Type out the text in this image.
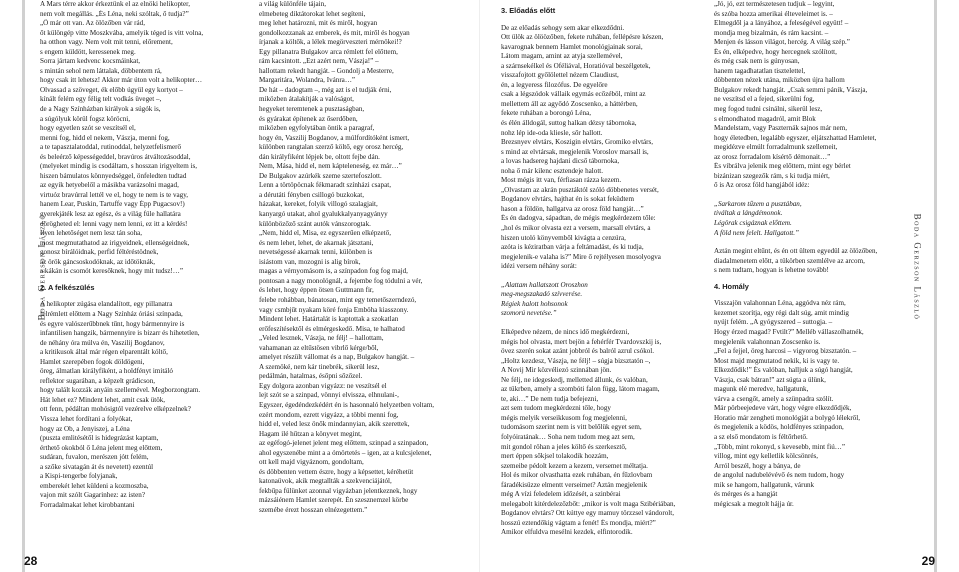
Boda Gerzson László	Boda Gerzson László
A Mars térre akkor érkeztünk el az elnöki helikopter,
nem volt megállás. „És Léna, neki szóltak, ő tudja?”
„Ő már ott van. Az ölözőben vár rád,
őt különgép vitte Moszkvába, amelyik téged is vitt volna,
ha otthon vagy. Nem volt mit tenni, előrement,
s engem küldött, keressenek meg.
Sorra jártam kedvenc kocsmáinkat,
s mintán sehol nem láttalak, döbbentem rá,
hogy csak itt lehetsz! Akkor már úton volt a helikopter…
Olvassad a szöveget, ék előbb úgyül egy kortyot –
kínált felém egy félig telt vodkás üveget –,
de a Nagy Színházban királyok a súgók is,
a súgólyuk körül fogsz köröcni,
hogy egyetlen szót se veszítsél el,
menni fog, hidd el nekem, Vászja, menni fog,
a te tapasztalatoddal, rutinoddal, helyzetfelismerő
és beleérző képességeddel, bravúros átváltozásoddal,
(melyeket mindig is csodáltam, s hosszan irigyeltem is,
hiszen bámulatos könnyedséggel, önfeledten tudtad
az egyik hetyebelől a másikba varázsolni magad,
virtuóz bravúrral lettél ve el, hogy te nem is te vagy,
hanem Lear, Puskin, Tartuffe vagy Épp Pugacsov!)
gyerekjáték lesz az egész, és a világ füle hallatára
dörögheted el: lenni vagy nem lenni, ez itt a kérdés!
Ilyen lehetőséget nem lesz tán soha,
most megmutathatod az irigyeidnek, ellenségeidnek,
gonosz bírálóidnak, perfid féltéréstödnek,
az örök gáncsoskodóknak, az időtöknák,
a kákán is csomót keresőknek, hogy mit tudsz!…”
2. A felkészülés
A helikopter zúgása elandalított, egy pillanatra
felrémlett előttem a Nagy Színház óriási színpada,
és egyre valószerűbbnek tűnt, hogy bármennyire is
infantilisen hangzik, bármennyire is bizarr és hihetetlen,
de néhány óra múlva én, Vaszilij Bogdanov,
a kritikusok által már régen elparentált kóltő,
Hamlet szerepében fogok döldögeni,
öreg, álmatlan királyfiként, a holdfényt imitáló
reflektor sugarában, a képzelt grádicson,
hogy talált kozzák anyáin szellemével. Megborzongtam.
Hát lehet ez? Mindent lehet, amit csak ütök,
ott fenn, pédáltan mohósigtól vezérelve elképzelnek?
Vissza lehet fordítani a folyókat,
hogy az Ob, a Jenyiszej, a Léna
(puszta emlitésétől is hidegrázást kaptam,
érthető okokból ő Léna jelent meg előttem,
sudáran, fuvalon, merészen jótt felém,
a szőke sivatagán át és nevetett) ezentúl
a Kispi-tengerbe folyjanak,
emberekét lehet küldeni a kozmoszba,
vajon mit szólt Gagarinhez: az isten?
Forradalmakat lehet kirobbantani
a világ különféle tájain,
elmebeteg diktátorokat lehet segíteni,
meg lehet határozni, mit és miről, hogyan
gondolkozzanak az emberek, és mit, miről és hogyan
írjanak a költők, a lélek megörveszteri mérnökei!?
Egy pillanatra Bulgakov arca rémlett fel előttem,
rám kacsintott. „Ezt azért nem, Vászja!” –
hallottam rekedt hangját. – Gondolj a Mesterre,
Margaritára, Wolandra, Ivánra…”
De hát – dadogtam –, még azt is el tudják érni,
miközben átalakítják a valóságot,
hegyeket teremtenek a pusztaságban,
és gyárakat építenek az őserdőben,
miközben egyfolytában öntik a paragraf,
hogy én, Vaszilij Bogdanov, a múlfordítóként ismert,
különben rangtalan szerző költő, egy orosz hercég,
dán királyfiként lépjek be, oltott fejbe dán.
Nem, Mása, hidd el, nem kápteleneség, ez már…”
De Bulgakov azúrkék szeme szertefoszlott.
Lenn a törtöpöcnak fékmaradt színházi csapat,
a dérutáti fényben csillogó buzkokat,
házakat, kereket, folyik villogó szalagjait,
kanyargó utakat, ahol gyalukkalyanyagyányy
különbözőző szánt autók vánszorogtak.
„Nem, hidd el, Misa, ez egyszerűen elképzető,
és nem lehet, lehet, de akarnak játsztani,
nevetségessé akarnak tenni, különben is
isiástom van, mozogni is alig bírok,
magas a vérnyomásom is, a színpadon fog fog majd,
pontosan a nagy monológnál, a fejembe fog tódulni a vér,
és lehet, hogy éppen ötsen Guttmann fir,
felebe rohábban, bánatosan, mint egy temetőszerndezó,
vagy csmbjűt nyakam köré fonja Emböha kiasszony.
Mindent lehet. Határtalát is kaptottak a szokatlan
erőfeszítésektől és elmérgeskedő. Misa, te halhatod
„Veled lesznek, Vászja, ne félj! – hallottam,
vahamanan az eltűstösen vibrlő kérge/ből,
amelyet részült vállomat és a nap, Bulgakov hangját. –
A szemöké, nem kár tinebrék, sikerül lesz,
pedálmán, hatalmas, ésőpni sőzőzel.
Egy dolgora azonban vigyázz: ne veszítsél el
lejt szót se a szinpad, vönnyi elvissza, elhnulani-,
Egyszer, égedéndezkédért én is hasonnaló helyzetben voltam,
ezért mondom, ezrett vigyázz, a többi menni fog,
hidd el, veled lesz önők mindannyian, akik szerettek,
Hagam ilé hűtzan a könyvet megint,
az egéfogó-jelenet jelent meg előttem, szinpad a szinpadon,
ahol egyszenébe mint a a ómörtetés – igen, az a kulcsjelenet,
ott kell majd vigyáznom, gondoltam,
és döbbenten vettem észre, hogy a képsettet, kéréhetüt
katonaüvok, akik megtallták a szekvenciájától,
fekbűpa fülünket azonnal vigyázban jelentkeznek, hogy
mázsáiénem Hamlet szerepét. Én szesznemzel körbe
szemébe érezt hosszan elnézegettem.”
3. Előadás előtt
De az előadás sehogy sem akar elkezdődni.
Ott ülök az ölöözőben, fekete ruhában, fellépésre készen,
kavarognak bennem Hamlet monológjainak sorai,
Látom magam, amint az atyja szellemével,
a szárnsekélkel és Oféliával, Horatióval beszélgetek,
visszafojtott győlölettel nézem Claudiust,
én, a legyeress filozófus. De egyelőre
csak a légszódok vállaik egymás ecőzéböl, rnint az
mellettem áll az agyődó Zoscsenko, a háttérben,
fekete ruhában a borongó Léna,
és élén álldogál, suttog halkan dézsy tábornoka,
nohz lép ide-oda kliesle, sőr hallott.
Brezsnyev elvtárs, Koszigin elvtárs, Gromiko elvtárs,
s mind az elvtársak, megjelenik Voroslov marsall is,
a lovas hadsereg hajdani dicső tábornoka,
noha ő már kilenc esztendeje halott.
Most mégis itt van, férfiasan rázza kezem.
„Olvastam az akrán pusztáktól szóló döbbenetes versét,
Bogdanov elvtárs, hajthat én is sokat feküdtem
hason a földön, hallgatva az orosz föld hangját…”
És én dadogva, sápadtan, de mégis megkérdezem tőle:
„hol és mikor olvasta ezt a versem, marsall elvtárs, a
hiszen utoló könyvemből kivágta a cenzúra,
azóta is kéziratban várja a feltámadást, és ki tudja,
megjelenik-e valaha is?” Mire ő rejtélyesen mosolyogva
idézi versem néhány sorát:
„Alattam hallatszott Oroszhon
meg-megszakadó szívverése.
Régiek halott hohsonok
szomorú nevetése.”
Elképedve nézem, de nincs idő megkérdezni,
mégis hol olvasta, mert bejön a fehérfér Tvardovszkij is,
övez szerén sokat azánt jobbról és balról azrul csókol.
„Holtz kezdesz, Vászja, ne félj! – súgja bizsztatón –,
A Novij Mir közvéliezó szinnában jön.
Ne félj, ne idegeskedj, melletted állunk, és valóban,
az tükrben, amely a szombóti falon függ, látom magam,
te, aki…” De nem tudja befejezni,
azt sem tudom megkérdezni tőle, hogy
mégis melyik verseikkusom fog megjelenni,
tudomásom szerint nem is vitt belőlük egyet sem,
folyóiratának… Soha nem tudom meg azt sem,
mit gondol röhan a jeles költő és szerkesztő,
mert éppen sőkjsel tolakodik hozzám,
szemeibe pédolt kezem a kezem, versemet méltatja.
Hol és mikor olvasthatta ezek ruhában, én fűzlovbam
fáradékisüzze elmentt verseimet? Aztán megjelenik
még A vízi feledelem időzését, a szinbérai
melegabolt kitérdelezőzbőt: „mikor is volt maga Szibériában,
Bogdanov elvtárs? Ott kúttye egy mamuy törzzsel vándorolt,
hosszú eztendőkig vágtam a fenét! És mondja, miért?”
Amikor elfuldva mesélni kezdek, elfintorodik.
„Jó, jó, ezt természetesen tudjuk – legyint,
és szóba hozza amerikai élteveleimet is. –
Elmegdől ja a lányához, a feleségével együtt! –
mondja meg bizalmán, és rám kacsint. –
Menjen és lásson világot, hercég. A világ szép.”
És én, elképedve, hogy hercegnek szólított,
és még csak nem is gúnyosan,
hanem tagadhatatlan tisztelettel,
döbbenten nézek utána, miközben újra hallom
Bulgakov rekedt hangját. „Csak semmi pánik, Vászja,
ne veszítsd el a fejed, sikerülni fog,
meg fogod tudni csinálni, sikerül lesz,
s elmondhatod magadról, amit Blok
Mandelstam, vagy Paszternák sajnos már nem,
hogy életedben, legalább egyszer, eljátszhattad Hamletet,
megidézve elmúlt forradalmunk szellemeit,
az orosz forradalom kísértő démonait…”
És vibrálva jelenik meg előttem, mint egy bérlet
bizánizan szegezők rám, s ki tudja miért,
ő is Az orosz föld hangjából idéz:
„Sarkarom tűzem a pusztában,
tiváltak a lángdémonok.
Légörak csigáznak előttem.
A föld nem felelt. Hallgatott.”
Aztán megint eltűnt, és én ott ültem egyedül az ölözőben,
diadalmenetem előtt, a tükörben szemlélve az arcom,
s nem tudtam, hogyan is lehetne tovább!
4. Homály
Visszajön valahonnan Léna, aggódva néz rám,
kezemet szorítja, egy régi dalt súg, amit mindig
nyújt felém. „A gyógyszered – suttogja. –
Hogy érzed magad? Fvtilt?” Melléb vállaszolhatnék,
megjelenik valahonnan Zoscsenko is.
„Fel a fejjel, öreg harcosi – vigyorog bizsztatón. –
Most majd megmutatod nekik, ki is vagy te.
Elkezdődik!” És valóban, halljuk a súgó hangját,
Vászja, csak bátran!” azt súgta a ülünk,
magunk elé meredve, hallgatunk,
várva a csengőt, amely a szünpadra szólít.
Már pörbeejedeve várt, hogy végre elkezdődjék,
Horatio már zengheti monológját a bolygó lélekről,
és megjelenik a ködös, holdfényes színpadon,
a sz első mondatom is féltőrhető.
„Több, mint rokonyd, s kevesebb, mint fiú…”
villog, mint egy kelletlik kölcsönrés,
Arról beszél, hogy a bánya, de
de angolul nadubelévévő és nem tudom, hogy
mik se hangom, hallgatunk, várunk
és mérges és a hangját
mégicsak a megtolt hájja úr.
28	29
